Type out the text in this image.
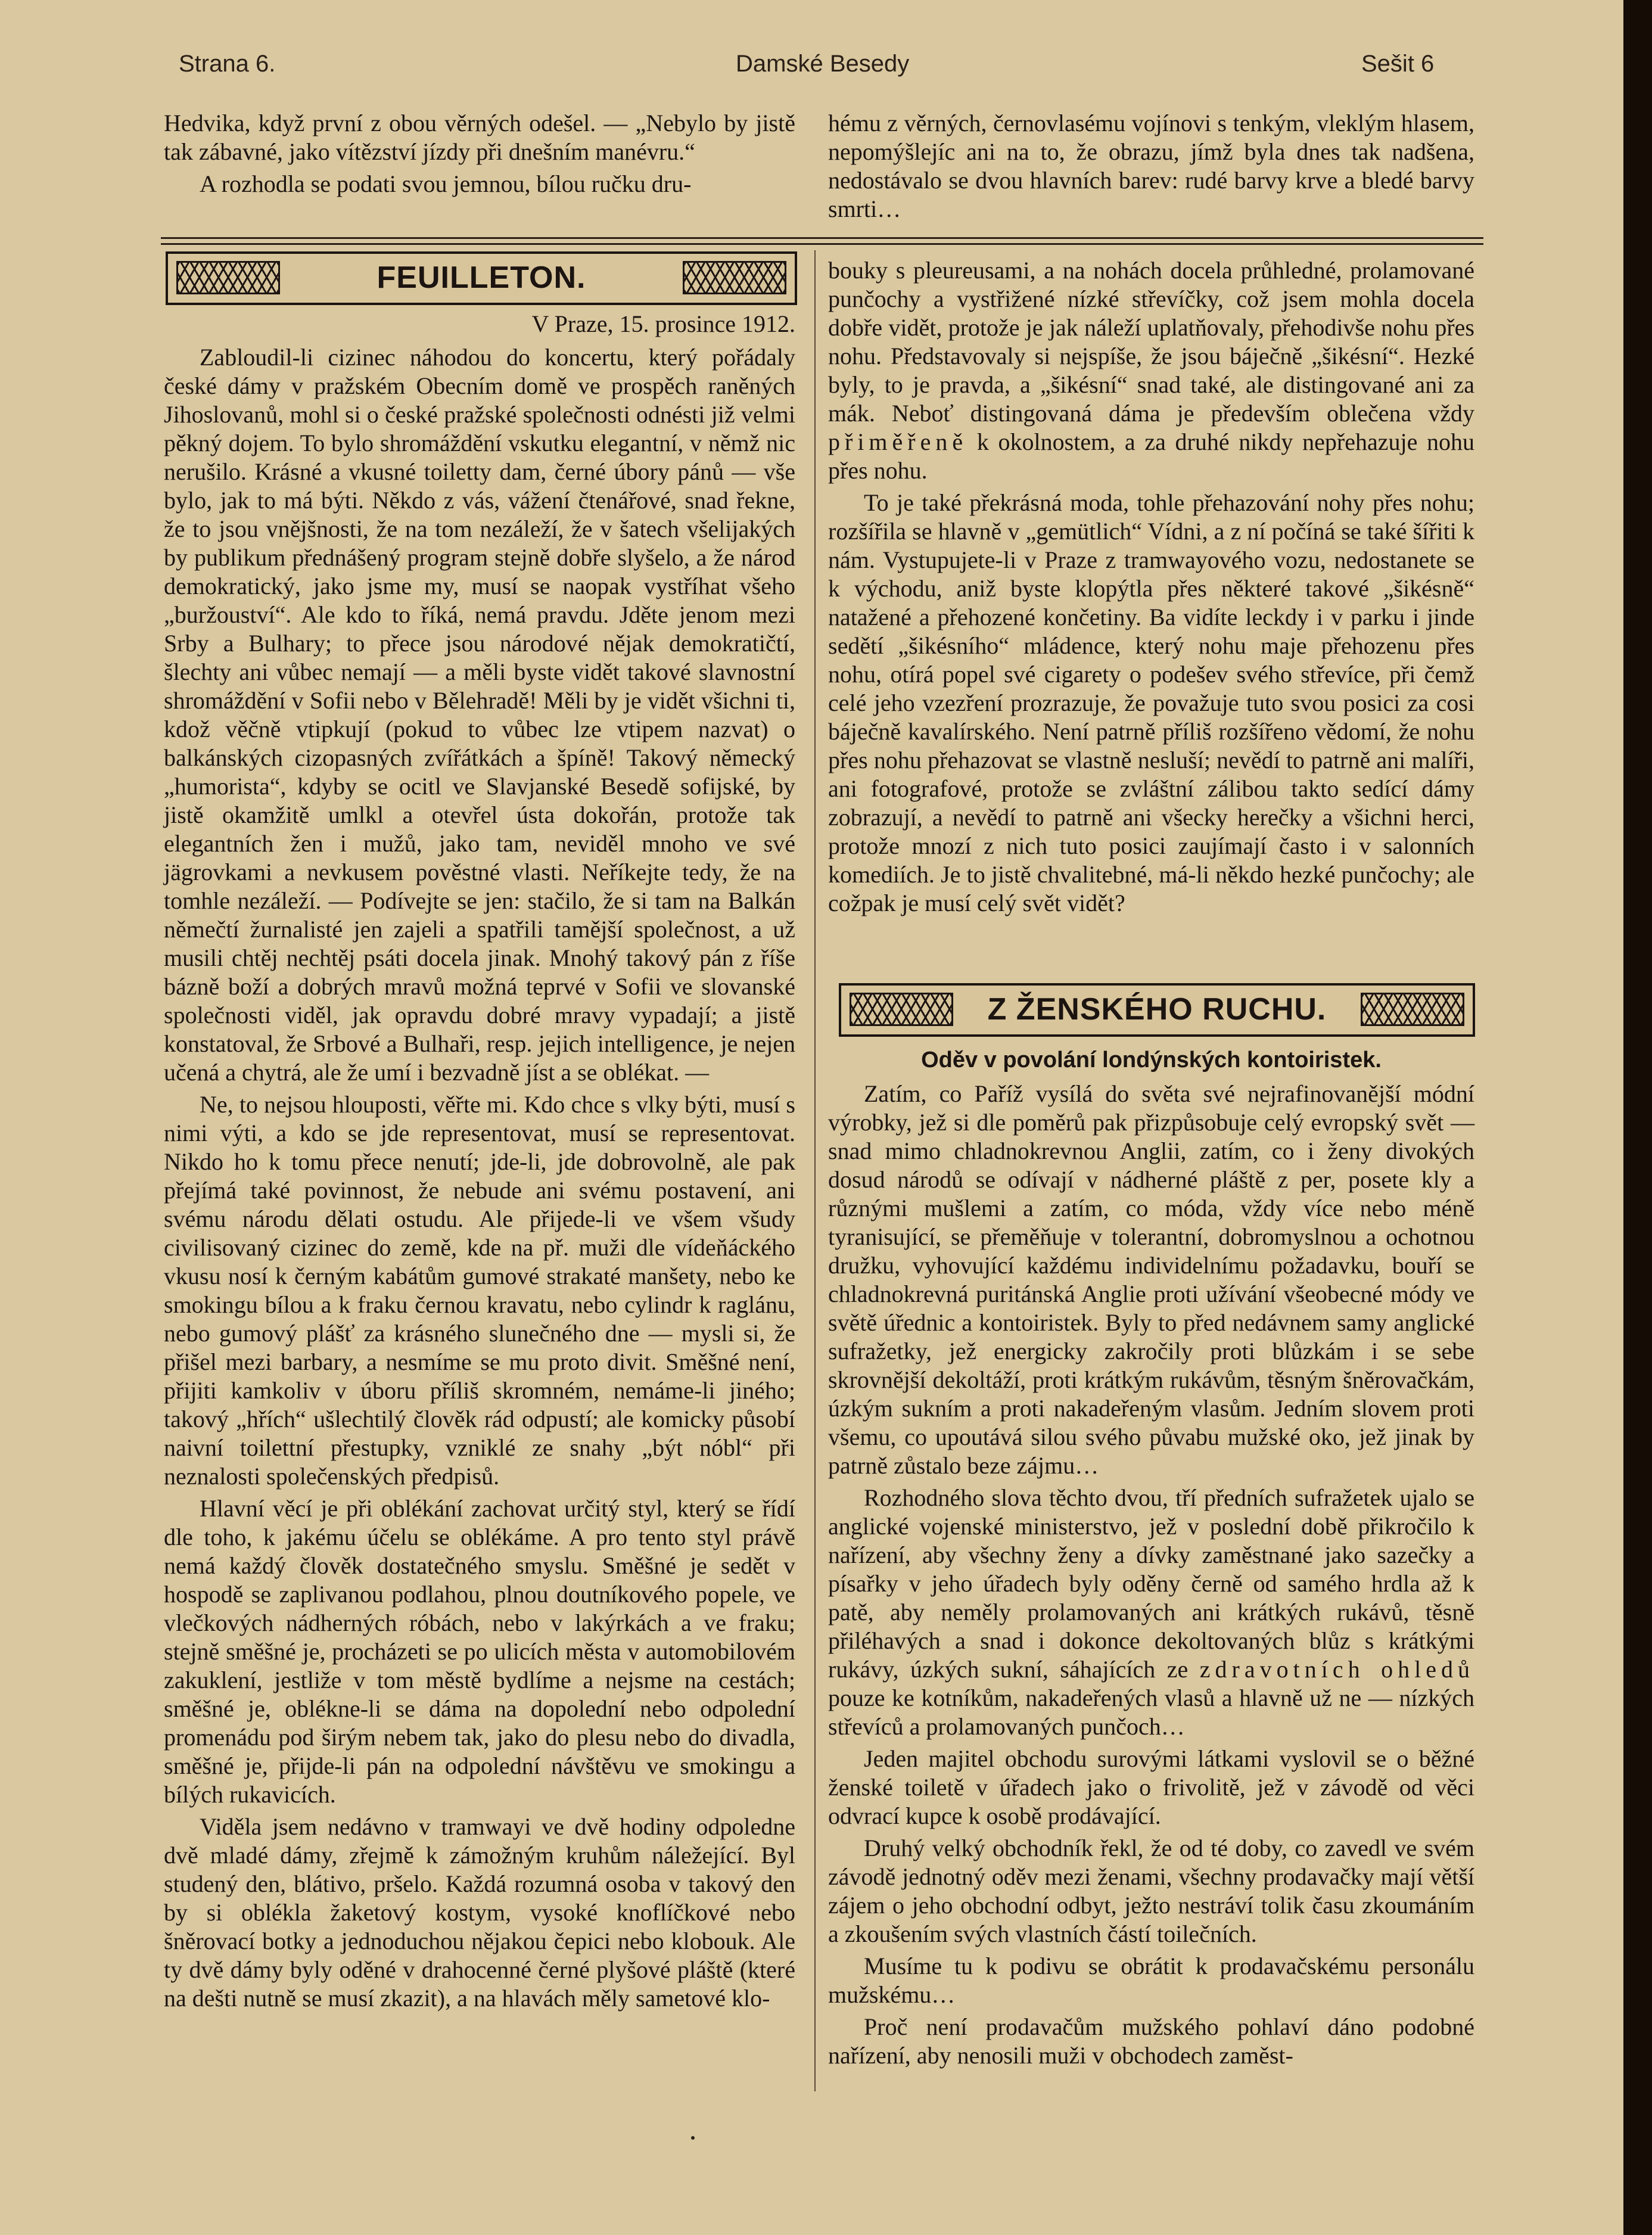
Strana 6.	Damské Besedy	Sešit 6

Hedvika, když první z obou věrných odešel. — „Nebylo by jistě tak zábavné, jako vítězství jízdy při dnešním manévru.“

A rozhodla se podati svou jemnou, bílou ručku dru-

hému z věrných, černovlasému vojínovi s tenkým, vleklým hlasem, nepomýšlejíc ani na to, že obrazu, jímž byla dnes tak nadšena, nedostávalo se dvou hlavních barev: rudé barvy krve a bledé barvy smrti…

FEUILLETON.
V Praze, 15. prosince 1912.

Zabloudil-li cizinec náhodou do koncertu, který pořádaly české dámy v pražském Obecním domě ve prospěch raněných Jihoslovanů, mohl si o české pražské společnosti odnésti již velmi pěkný dojem. To bylo shromáždění vskutku elegantní, v němž nic nerušilo. Krásné a vkusné toiletty dam, černé úbory pánů — vše bylo, jak to má býti. Někdo z vás, vážení čtenářové, snad řekne, že to jsou vnějšnosti, že na tom nezáleží, že v šatech všelijakých by publikum přednášený program stejně dobře slyšelo, a že národ demokratický, jako jsme my, musí se naopak vystříhat všeho „buržouství“. Ale kdo to říká, nemá pravdu. Jděte jenom mezi Srby a Bulhary; to přece jsou národové nějak demokratičtí, šlechty ani vůbec nemají — a měli byste vidět takové slavnostní shromáždění v Sofii nebo v Bělehradě! Měli by je vidět všichni ti, kdož věčně vtipkují (pokud to vůbec lze vtipem nazvat) o balkánských cizopasných zvířátkách a špíně! Takový německý „humorista“, kdyby se ocitl ve Slavjanské Besedě sofijské, by jistě okamžitě umlkl a otevřel ústa dokořán, protože tak elegantních žen i mužů, jako tam, neviděl mnoho ve své jägrovkami a nevkusem pověstné vlasti. Neříkejte tedy, že na tomhle nezáleží. — Podívejte se jen: stačilo, že si tam na Balkán němečtí žurnalisté jen zajeli a spatřili tamější společnost, a už musili chtěj nechtěj psáti docela jinak. Mnohý takový pán z říše bázně boží a dobrých mravů možná teprvé v Sofii ve slovanské společnosti viděl, jak opravdu dobré mravy vypadají; a jistě konstatoval, že Srbové a Bulhaři, resp. jejich intelligence, je nejen učená a chytrá, ale že umí i bezvadně jíst a se oblékat. —

Ne, to nejsou hlouposti, věřte mi. Kdo chce s vlky býti, musí s nimi výti, a kdo se jde representovat, musí se representovat. Nikdo ho k tomu přece nenutí; jde-li, jde dobrovolně, ale pak přejímá také povinnost, že nebude ani svému postavení, ani svému národu dělati ostudu. Ale přijede-li ve všem všudy civilisovaný cizinec do země, kde na př. muži dle vídeňáckého vkusu nosí k černým kabátům gumové strakaté manšety, nebo ke smokingu bílou a k fraku černou kravatu, nebo cylindr k raglánu, nebo gumový plášť za krásného slunečného dne — mysli si, že přišel mezi barbary, a nesmíme se mu proto divit. Směšné není, přijiti kamkoliv v úboru příliš skromném, nemáme-li jiného; takový „hřích“ ušlechtilý člověk rád odpustí; ale komicky působí naivní toilettní přestupky, vzniklé ze snahy „být nóbl“ při neznalosti společenských předpisů.

Hlavní věcí je při oblékání zachovat určitý styl, který se řídí dle toho, k jakému účelu se oblékáme. A pro tento styl právě nemá každý člověk dostatečného smyslu. Směšné je sedět v hospodě se zaplivanou podlahou, plnou doutníkového popele, ve vlečkových nádherných róbách, nebo v lakýrkách a ve fraku; stejně směšné je, procházeti se po ulicích města v automobilovém zakuklení, jestliže v tom městě bydlíme a nejsme na cestách; směšné je, oblékne-li se dáma na dopolední nebo odpolední promenádu pod širým nebem tak, jako do plesu nebo do divadla, směšné je, přijde-li pán na odpolední návštěvu ve smokingu a bílých rukavicích.

Viděla jsem nedávno v tramwayi ve dvě hodiny odpoledne dvě mladé dámy, zřejmě k zámožným kruhům náležející. Byl studený den, blátivo, pršelo. Každá rozumná osoba v takový den by si oblékla žaketový kostym, vysoké knoflíčkové nebo šněrovací botky a jednoduchou nějakou čepici nebo klobouk. Ale ty dvě dámy byly oděné v drahocenné černé plyšové pláště (které na dešti nutně se musí zkazit), a na hlavách měly sametové klo-

bouky s pleureusami, a na nohách docela průhledné, prolamované punčochy a vystřižené nízké střevíčky, což jsem mohla docela dobře vidět, protože je jak náleží uplatňovaly, přehodivše nohu přes nohu. Představovaly si nejspíše, že jsou báječně „šikésní“. Hezké byly, to je pravda, a „šikésní“ snad také, ale distingované ani za mák. Neboť distingovaná dáma je především oblečena vždy přiměřeně k okolnostem, a za druhé nikdy nepřehazuje nohu přes nohu.

To je také překrásná moda, tohle přehazování nohy přes nohu; rozšířila se hlavně v „gemütlich“ Vídni, a z ní počíná se také šířiti k nám. Vystupujete-li v Praze z tramwayového vozu, nedostanete se k východu, aniž byste klopýtla přes některé takové „šikésně“ natažené a přehozené končetiny. Ba vidíte leckdy i v parku i jinde sedětí „šikésního“ mládence, který nohu maje přehozenu přes nohu, otírá popel své cigarety o podešev svého střevíce, při čemž celé jeho vzezření prozrazuje, že považuje tuto svou posici za cosi báječně kavalírského. Není patrně příliš rozšířeno vědomí, že nohu přes nohu přehazovat se vlastně nesluší; nevědí to patrně ani malíři, ani fotografové, protože se zvláštní zálibou takto sedící dámy zobrazují, a nevědí to patrně ani všecky herečky a všichni herci, protože mnozí z nich tuto posici zaujímají často i v salonních komediích. Je to jistě chvalitebné, má-li někdo hezké punčochy; ale cožpak je musí celý svět vidět?

Z ŽENSKÉHO RUCHU.
Oděv v povolání londýnských kontoiristek.

Zatím, co Paříž vysílá do světa své nejrafinovanější módní výrobky, jež si dle poměrů pak přizpůsobuje celý evropský svět — snad mimo chladnokrevnou Anglii, zatím, co i ženy divokých dosud národů se odívají v nádherné pláště z per, posete kly a různými mušlemi a zatím, co móda, vždy více nebo méně tyranisující, se přeměňuje v tolerantní, dobromyslnou a ochotnou družku, vyhovující každému individelnímu požadavku, bouří se chladnokrevná puritánská Anglie proti užívání všeobecné módy ve světě úřednic a kontoiristek. Byly to před nedávnem samy anglické sufražetky, jež energicky zakročily proti blůzkám i se sebe skrovnější dekoltáží, proti krátkým rukávům, těsným šněrovačkám, úzkým sukním a proti nakadeřeným vlasům. Jedním slovem proti všemu, co upoutává silou svého půvabu mužské oko, jež jinak by patrně zůstalo beze zájmu…

Rozhodného slova těchto dvou, tří předních sufražetek ujalo se anglické vojenské ministerstvo, jež v poslední době přikročilo k nařízení, aby všechny ženy a dívky zaměstnané jako sazečky a písařky v jeho úřadech byly oděny černě od samého hrdla až k patě, aby neměly prolamovaných ani krátkých rukávů, těsně přiléhavých a snad i dokonce dekoltovaných blůz s krátkými rukávy, úzkých sukní, sáhajících ze zdravotních ohledů pouze ke kotníkům, nakadeřených vlasů a hlavně už ne — nízkých střevíců a prolamovaných punčoch…

Jeden majitel obchodu surovými látkami vyslovil se o běžné ženské toiletě v úřadech jako o frivolitě, jež v závodě od věci odvrací kupce k osobě prodávající.

Druhý velký obchodník řekl, že od té doby, co zavedl ve svém závodě jednotný oděv mezi ženami, všechny prodavačky mají větší zájem o jeho obchodní odbyt, ježto nestráví tolik času zkoumáním a zkoušením svých vlastních částí toilečních.

Musíme tu k podivu se obrátit k prodavačskému personálu mužskému…

Proč není prodavačům mužského pohlaví dáno podobné nařízení, aby nenosili muži v obchodech zaměst-
